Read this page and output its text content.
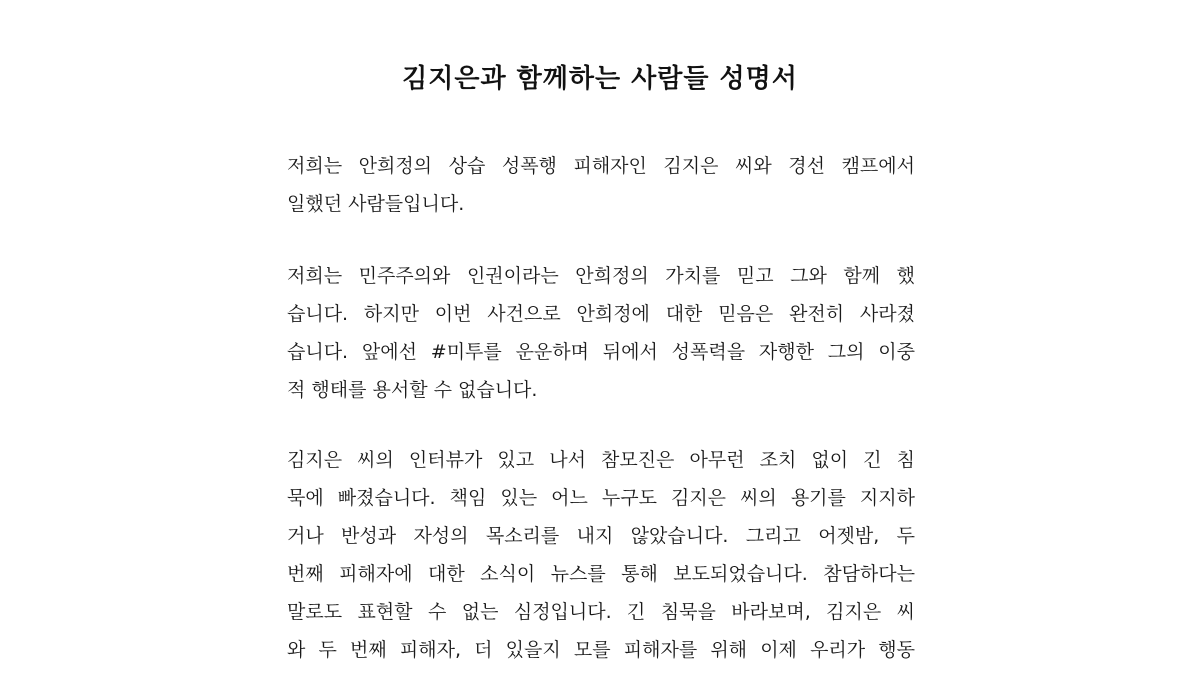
김지은과 함께하는 사람들 성명서
저희는 안희정의 상습 성폭행 피해자인 김지은 씨와 경선 캠프에서
일했던 사람들입니다.
저희는 민주주의와 인권이라는 안희정의 가치를 믿고 그와 함께 했
습니다. 하지만 이번 사건으로 안희정에 대한 믿음은 완전히 사라졌
습니다. 앞에선 #미투를 운운하며 뒤에서 성폭력을 자행한 그의 이중
적 행태를 용서할 수 없습니다.
김지은 씨의 인터뷰가 있고 나서 참모진은 아무런 조치 없이 긴 침
묵에 빠졌습니다. 책임 있는 어느 누구도 김지은 씨의 용기를 지지하
거나 반성과 자성의 목소리를 내지 않았습니다. 그리고 어젯밤, 두
번째 피해자에 대한 소식이 뉴스를 통해 보도되었습니다. 참담하다는
말로도 표현할 수 없는 심정입니다. 긴 침묵을 바라보며, 김지은 씨
와 두 번째 피해자, 더 있을지 모를 피해자를 위해 이제 우리가 행동
